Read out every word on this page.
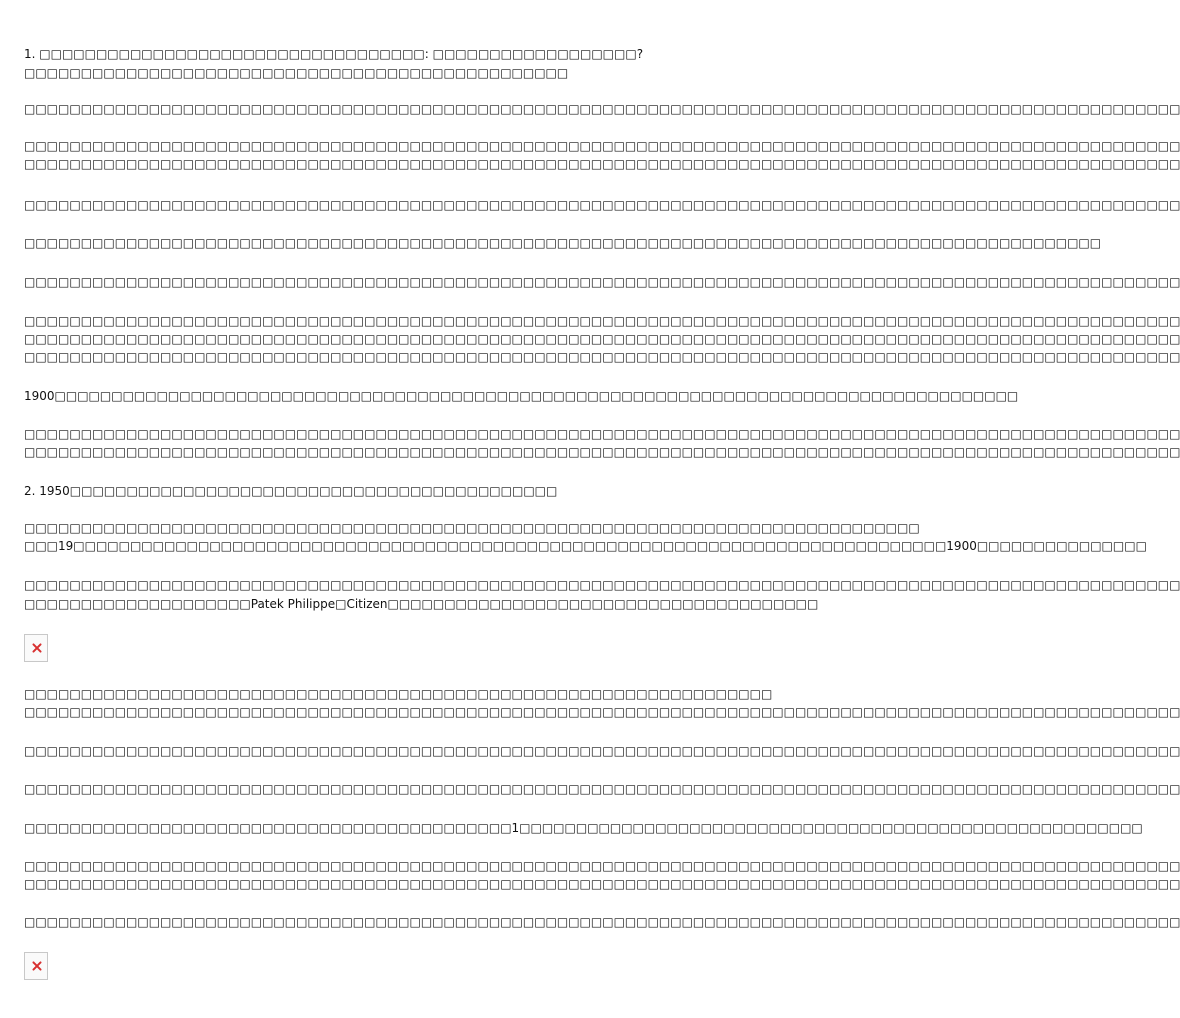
1. □□□□□□□□□□□□□□□□□□□□□□□□□□□□□□□□□□: □□□□□□□□□□□□□□□□□□?
□□□□□□□□□□□□□□□□□□□□□□□□□□□□□□□□□□□□□□□□□□□□□□□□
□□□□□□□□□□□□□□□□□□□□□□□□□□□□□□□□□□□□□□□□□□□□□□□□□□□□□□□□□□□□□□□□□□□□□□□□□□□□□□□□□□□□□□□□□□□□□□□□□□□□□□
□□□□□□□□□□□□□□□□□□□□□□□□□□□□□□□□□□□□□□□□□□□□□□□□□□□□□□□□□□□□□□□□□□□□□□□□□□□□□□□□□□□□□□□□□□□□□□□□□□□□□□
□□□□□□□□□□□□□□□□□□□□□□□□□□□□□□□□□□□□□□□□□□□□□□□□□□□□□□□□□□□□□□□□□□□□□□□□□□□□□□□□□□□□□□□□□□□□□□□□□□□□□□
□□□□□□□□□□□□□□□□□□□□□□□□□□□□□□□□□□□□□□□□□□□□□□□□□□□□□□□□□□□□□□□□□□□□□□□□□□□□□□□□□□□□□□□□□□□□□□□□□□□□□□
□□□□□□□□□□□□□□□□□□□□□□□□□□□□□□□□□□□□□□□□□□□□□□□□□□□□□□□□□□□□□□□□□□□□□□□□□□□□□□□□□□□□□□□□□□□□□□□
□□□□□□□□□□□□□□□□□□□□□□□□□□□□□□□□□□□□□□□□□□□□□□□□□□□□□□□□□□□□□□□□□□□□□□□□□□□□□□□□□□□□□□□□□□□□□□□□□□□□□□
□□□□□□□□□□□□□□□□□□□□□□□□□□□□□□□□□□□□□□□□□□□□□□□□□□□□□□□□□□□□□□□□□□□□□□□□□□□□□□□□□□□□□□□□□□□□□□□□□□□□□□
□□□□□□□□□□□□□□□□□□□□□□□□□□□□□□□□□□□□□□□□□□□□□□□□□□□□□□□□□□□□□□□□□□□□□□□□□□□□□□□□□□□□□□□□□□□□□□□□□□□□□□
□□□□□□□□□□□□□□□□□□□□□□□□□□□□□□□□□□□□□□□□□□□□□□□□□□□□□□□□□□□□□□□□□□□□□□□□□□□□□□□□□□□□□□□□□□□□□□□□□□□□□□
1900□□□□□□□□□□□□□□□□□□□□□□□□□□□□□□□□□□□□□□□□□□□□□□□□□□□□□□□□□□□□□□□□□□□□□□□□□□□□□□□□□□□□□
□□□□□□□□□□□□□□□□□□□□□□□□□□□□□□□□□□□□□□□□□□□□□□□□□□□□□□□□□□□□□□□□□□□□□□□□□□□□□□□□□□□□□□□□□□□□□□□□□□□□□□
□□□□□□□□□□□□□□□□□□□□□□□□□□□□□□□□□□□□□□□□□□□□□□□□□□□□□□□□□□□□□□□□□□□□□□□□□□□□□□□□□□□□□□□□□□□□□□□□□□□□□□
2. 1950□□□□□□□□□□□□□□□□□□□□□□□□□□□□□□□□□□□□□□□□□□□
□□□□□□□□□□□□□□□□□□□□□□□□□□□□□□□□□□□□□□□□□□□□□□□□□□□□□□□□□□□□□□□□□□□□□□□□□□□□□□□
□□□19□□□□□□□□□□□□□□□□□□□□□□□□□□□□□□□□□□□□□□□□□□□□□□□□□□□□□□□□□□□□□□□□□□□□□□□□□□□□□1900□□□□□□□□□□□□□□□
□□□□□□□□□□□□□□□□□□□□□□□□□□□□□□□□□□□□□□□□□□□□□□□□□□□□□□□□□□□□□□□□□□□□□□□□□□□□□□□□□□□□□□□□□□□□□□□□□□□□□□
□□□□□□□□□□□□□□□□□□□□Patek Philippe□Citizen□□□□□□□□□□□□□□□□□□□□□□□□□□□□□□□□□□□□□□
□□□□□□□□□□□□□□□□□□□□□□□□□□□□□□□□□□□□□□□□□□□□□□□□□□□□□□□□□□□□□□□□□□
□□□□□□□□□□□□□□□□□□□□□□□□□□□□□□□□□□□□□□□□□□□□□□□□□□□□□□□□□□□□□□□□□□□□□□□□□□□□□□□□□□□□□□□□□□□□□□□□□□□□□□
□□□□□□□□□□□□□□□□□□□□□□□□□□□□□□□□□□□□□□□□□□□□□□□□□□□□□□□□□□□□□□□□□□□□□□□□□□□□□□□□□□□□□□□□□□□□□□□□□□□□□□
□□□□□□□□□□□□□□□□□□□□□□□□□□□□□□□□□□□□□□□□□□□□□□□□□□□□□□□□□□□□□□□□□□□□□□□□□□□□□□□□□□□□□□□□□□□□□□□□□□□□□□
□□□□□□□□□□□□□□□□□□□□□□□□□□□□□□□□□□□□□□□□□□□1□□□□□□□□□□□□□□□□□□□□□□□□□□□□□□□□□□□□□□□□□□□□□□□□□□□□□□□
□□□□□□□□□□□□□□□□□□□□□□□□□□□□□□□□□□□□□□□□□□□□□□□□□□□□□□□□□□□□□□□□□□□□□□□□□□□□□□□□□□□□□□□□□□□□□□□□□□□□□□
□□□□□□□□□□□□□□□□□□□□□□□□□□□□□□□□□□□□□□□□□□□□□□□□□□□□□□□□□□□□□□□□□□□□□□□□□□□□□□□□□□□□□□□□□□□□□□□□□□□□□□
□□□□□□□□□□□□□□□□□□□□□□□□□□□□□□□□□□□□□□□□□□□□□□□□□□□□□□□□□□□□□□□□□□□□□□□□□□□□□□□□□□□□□□□□□□□□□□□□□□□□□□
